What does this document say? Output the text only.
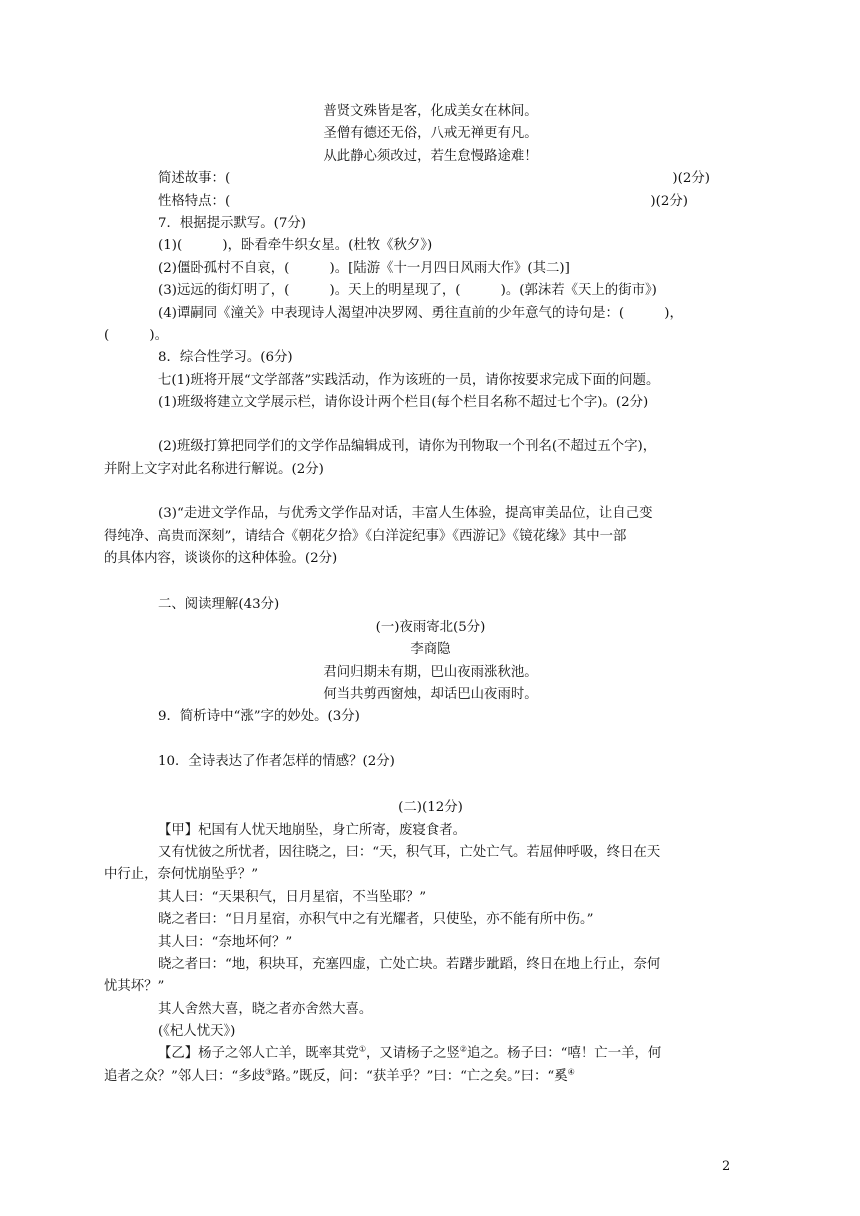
普贤文殊皆是客，化成美女在林间。
圣僧有德还无俗，八戒无禅更有凡。
从此静心须改过，若生怠慢路途难！
简述故事：(	)(2分)
性格特点：(	)(2分)
7．根据提示默写。(7分)
(1)(　　　)，卧看牵牛织女星。(杜牧《秋夕》)
(2)僵卧孤村不自哀，(　　　)。[陆游《十一月四日风雨大作》(其二)]
(3)远远的街灯明了，(　　　)。天上的明星现了，(　　　)。(郭沫若《天上的街市》)
(4)谭嗣同《潼关》中表现诗人渴望冲决罗网、勇往直前的少年意气的诗句是：(　　　)，
(　　　)。
8．综合性学习。(6分)
七(1)班将开展“文学部落”实践活动，作为该班的一员，请你按要求完成下面的问题。
(1)班级将建立文学展示栏，请你设计两个栏目(每个栏目名称不超过七个字)。(2分)
(2)班级打算把同学们的文学作品编辑成刊，请你为刊物取一个刊名(不超过五个字)，
并附上文字对此名称进行解说。(2分)
(3)“走进文学作品，与优秀文学作品对话，丰富人生体验，提高审美品位，让自己变
得纯净、高贵而深刻”，请结合《朝花夕拾》《白洋淀纪事》《西游记》《镜花缘》其中一部
的具体内容，谈谈你的这种体验。(2分)
二、阅读理解(43分)
(一)夜雨寄北(5分)
李商隐
君问归期未有期，巴山夜雨涨秋池。
何当共剪西窗烛，却话巴山夜雨时。
9．简析诗中“涨”字的妙处。(3分)
10．全诗表达了作者怎样的情感？(2分)
(二)(12分)
【甲】杞国有人忧天地崩坠，身亡所寄，废寝食者。
又有忧彼之所忧者，因往晓之，曰：“天，积气耳，亡处亡气。若屈伸呼吸，终日在天
中行止，奈何忧崩坠乎？”
其人曰：“天果积气，日月星宿，不当坠耶？”
晓之者曰：“日月星宿，亦积气中之有光耀者，只使坠，亦不能有所中伤。”
其人曰：“奈地坏何？”
晓之者曰：“地，积块耳，充塞四虚，亡处亡块。若躇步跐蹈，终日在地上行止，奈何
忧其坏？”
其人舍然大喜，晓之者亦舍然大喜。
(《杞人忧天》)
【乙】杨子之邻人亡羊，既率其党①，又请杨子之竖②追之。杨子曰：“嘻！亡一羊，何
追者之众？”邻人曰：“多歧③路。”既反，问：“获羊乎？”曰：“亡之矣。”曰：“奚④
2
